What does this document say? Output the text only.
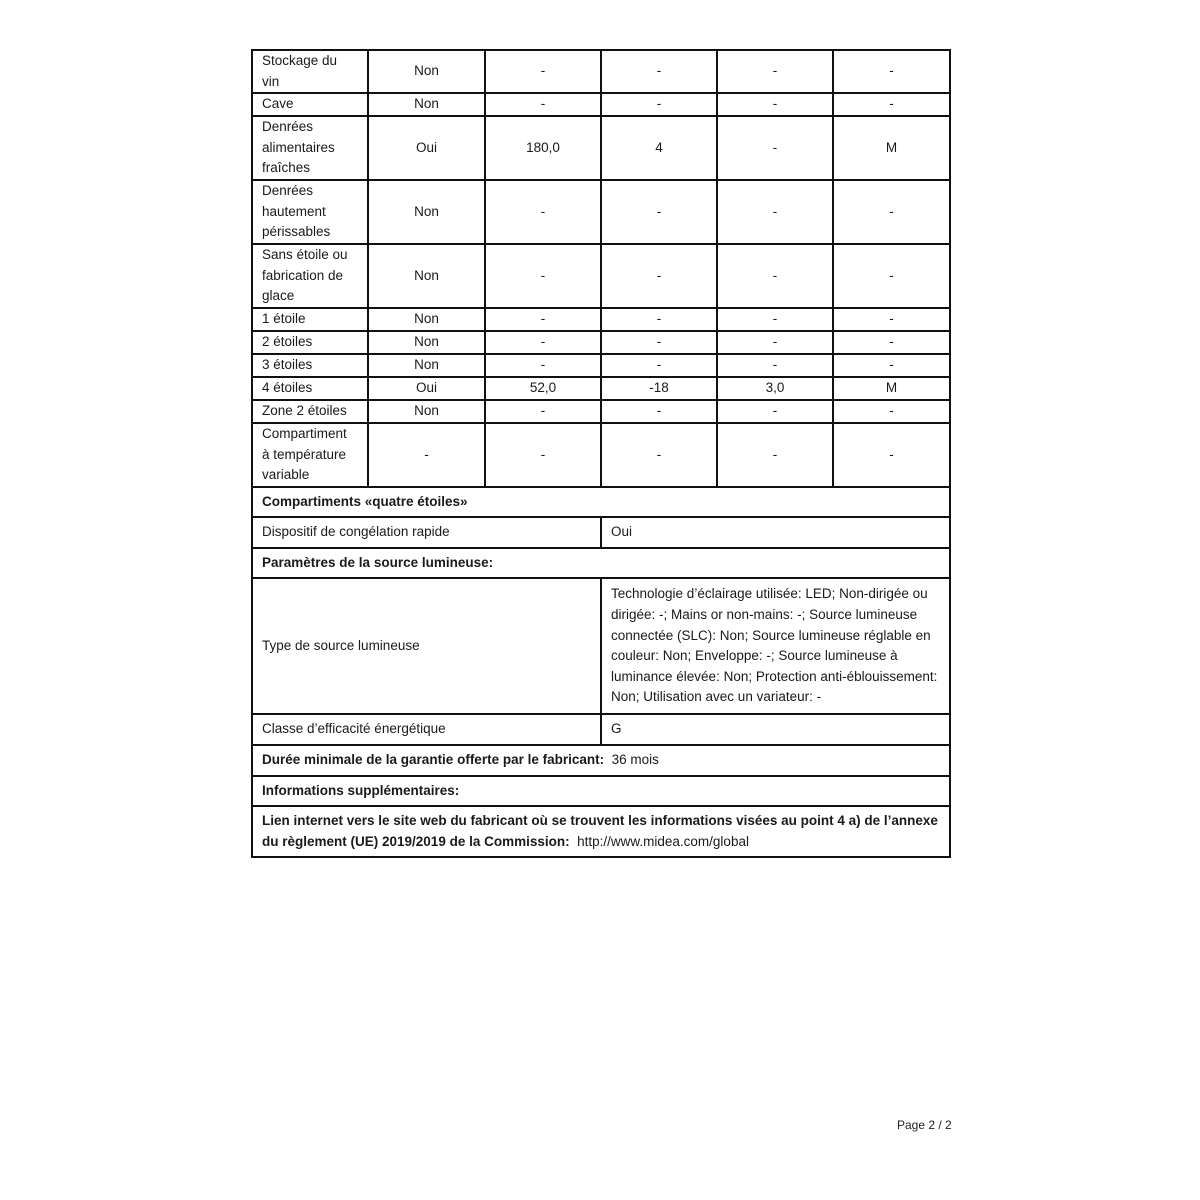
Stockage du vin	Non	-	-	-	-
Cave	Non	-	-	-	-
Denrées alimentaires fraîches	Oui	180,0	4	-	M
Denrées hautement périssables	Non	-	-	-	-
Sans étoile ou fabrication de glace	Non	-	-	-	-
1 étoile	Non	-	-	-	-
2 étoiles	Non	-	-	-	-
3 étoiles	Non	-	-	-	-
4 étoiles	Oui	52,0	-18	3,0	M
Zone 2 étoiles	Non	-	-	-	-
Compartiment à température variable	-	-	-	-	-
Compartiments «quatre étoiles»					
Dispositif de congélation rapide			Oui		
Paramètres de la source lumineuse:					
Type de source lumineuse			Technologie d’éclairage utilisée: LED; Non-dirigée ou dirigée: -; Mains or non-mains: -; Source lumineuse connectée (SLC): Non; Source lumineuse réglable en couleur: Non; Enveloppe: -; Source lumineuse à luminance élevée: Non; Protection anti-éblouissement: Non; Utilisation avec un variateur: -		
Classe d’efficacité énergétique			G		
Durée minimale de la garantie offerte par le fabricant: 36 mois					
Informations supplémentaires:					
Lien internet vers le site web du fabricant où se trouvent les informations visées au point 4 a) de l’annexe du règlement (UE) 2019/2019 de la Commission: http://www.midea.com/global					
Page 2 / 2
